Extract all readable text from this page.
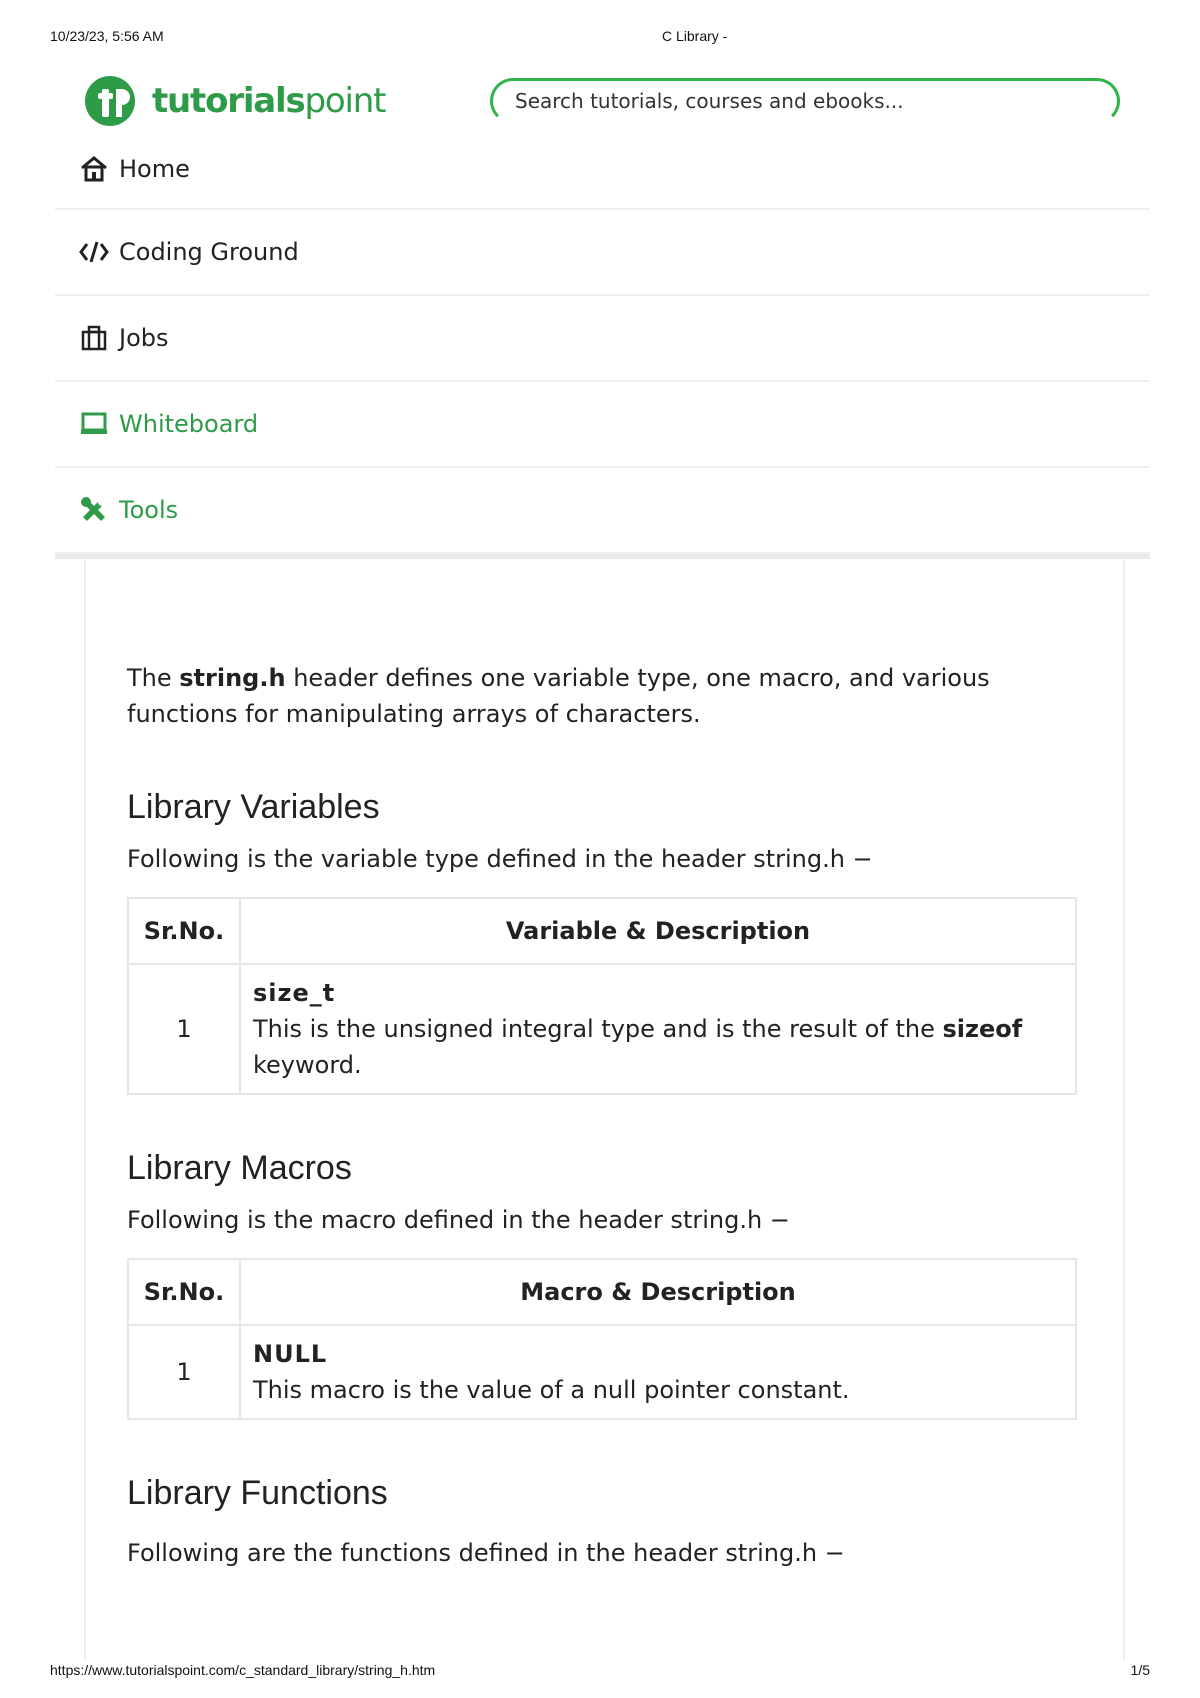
10/23/23, 5:56 AM	C Library -
tutorialspoint	Search tutorials, courses and ebooks...
Home
Coding Ground
Jobs
Whiteboard
Tools

The string.h header defines one variable type, one macro, and various functions for manipulating arrays of characters.

Library Variables

Following is the variable type defined in the header string.h −

Sr.No.	Variable & Description
1	size_t
This is the unsigned integral type and is the result of the sizeof keyword.
Library Macros

Following is the macro defined in the header string.h −

Sr.No.	Macro & Description
1	NULL
This macro is the value of a null pointer constant.
Library Functions

Following are the functions defined in the header string.h −

https://www.tutorialspoint.com/c_standard_library/string_h.htm	1/5
